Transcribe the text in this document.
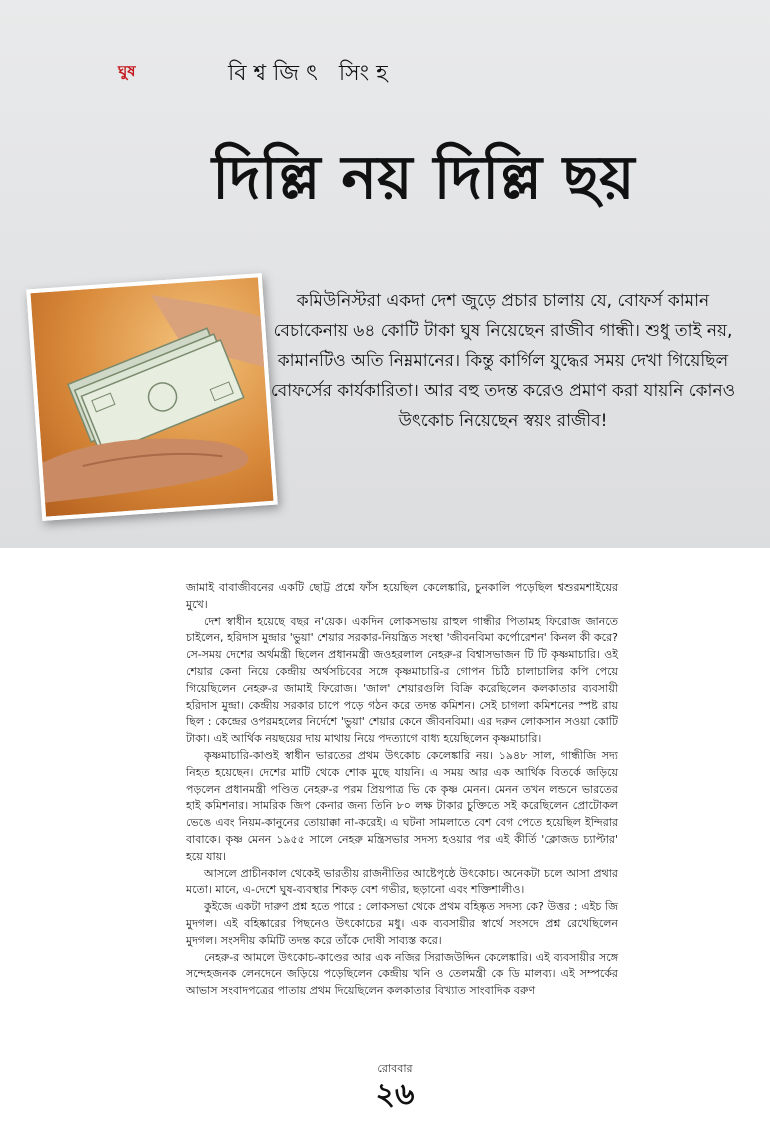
ঘুষ	বিশ্বজিৎ সিংহ
দিল্লি নয় দিল্লি ছয়
কমিউনিস্টরা একদা দেশ জুড়ে প্রচার চালায় যে, বোফর্স কামান বেচাকেনায় ৬৪ কোটি টাকা ঘুষ নিয়েছেন রাজীব গান্ধী। শুধু তাই নয়, কামানটিও অতি নিম্নমানের। কিন্তু কার্গিল যুদ্ধের সময় দেখা গিয়েছিল বোফর্সের কার্যকারিতা। আর বহু তদন্ত করেও প্রমাণ করা যায়নি কোনও উৎকোচ নিয়েছেন স্বয়ং রাজীব!

জামাই বাবাজীবনের একটি ছোট্ট প্রশ্নে ফাঁস হয়েছিল কেলেঙ্কারি, চুনকালি পড়েছিল শ্বশুরমশাইয়ের মুখে।

দেশ স্বাধীন হয়েছে বছর ন'য়েক। একদিন লোকসভায় রাহুল গান্ধীর পিতামহ ফিরোজ জানতে চাইলেন, হরিদাস মুন্দ্রার 'ভুয়া' শেয়ার সরকার-নিয়ন্ত্রিত সংস্থা 'জীবনবিমা কর্পোরেশন' কিনল কী করে? সে-সময় দেশের অর্থমন্ত্রী ছিলেন প্রধানমন্ত্রী জওহরলাল নেহরু-র বিশ্বাসভাজন টি টি কৃষ্ণমাচারি। ওই শেয়ার কেনা নিয়ে কেন্দ্রীয় অর্থসচিবের সঙ্গে কৃষ্ণমাচারি-র গোপন চিঠি চালাচালির কপি পেয়ে গিয়েছিলেন নেহরু-র জামাই ফিরোজ। 'জাল' শেয়ারগুলি বিক্রি করেছিলেন কলকাতার ব্যবসায়ী হরিদাস মুন্দ্রা। কেন্দ্রীয় সরকার চাপে পড়ে গঠন করে তদন্ত কমিশন। সেই চাগলা কমিশনের স্পষ্ট রায় ছিল : কেন্দ্রের ওপরমহলের নির্দেশে 'ভুয়া' শেয়ার কেনে জীবনবিমা। এর দরুন লোকসান সওয়া কোটি টাকা। এই আর্থিক নয়ছয়ের দায় মাথায় নিয়ে পদত্যাগে বাধ্য হয়েছিলেন কৃষ্ণমাচারি।

কৃষ্ণমাচারি-কাণ্ডই স্বাধীন ভারতের প্রথম উৎকোচ কেলেঙ্কারি নয়। ১৯৪৮ সাল, গান্ধীজি সদ্য নিহত হয়েছেন। দেশের মাটি থেকে শোক মুছে যায়নি। এ সময় আর এক আর্থিক বিতর্কে জড়িয়ে পড়লেন প্রধানমন্ত্রী পণ্ডিত নেহরু-র পরম প্রিয়পাত্র ভি কে কৃষ্ণ মেনন। মেনন তখন লন্ডনে ভারতের হাই কমিশনার। সামরিক জিপ কেনার জন্য তিনি ৮০ লক্ষ টাকার চুক্তিতে সই করেছিলেন প্রোটোকল ভেঙে এবং নিয়ম-কানুনের তোয়াক্কা না-করেই। এ ঘটনা সামলাতে বেশ বেগ পেতে হয়েছিল ইন্দিরার বাবাকে। কৃষ্ণ মেনন ১৯৫৫ সালে নেহরু মন্ত্রিসভার সদস্য হওয়ার পর এই কীর্তি 'ক্লোজড চ্যাপ্টার' হয়ে যায়।

আসলে প্রাচীনকাল থেকেই ভারতীয় রাজনীতির আষ্টেপৃষ্ঠে উৎকোচ। অনেকটা চলে আসা প্রথার মতো। মানে, এ-দেশে ঘুষ-ব্যবস্থার শিকড় বেশ গভীর, ছড়ানো এবং শক্তিশালীও।

কুইজে একটা দারুণ প্রশ্ন হতে পারে : লোকসভা থেকে প্রথম বহিষ্কৃত সদস্য কে? উত্তর : এইচ জি মুদগল। এই বহিষ্কারের পিছনেও উৎকোচের মধু। এক ব্যবসায়ীর স্বার্থে সংসদে প্রশ্ন রেখেছিলেন মুদগল। সংসদীয় কমিটি তদন্ত করে তাঁকে দোষী সাব্যস্ত করে।

নেহরু-র আমলে উৎকোচ-কাণ্ডের আর এক নজির সিরাজউদ্দিন কেলেঙ্কারি। এই ব্যবসায়ীর সঙ্গে সন্দেহজনক লেনদেনে জড়িয়ে পড়েছিলেন কেন্দ্রীয় খনি ও তেলমন্ত্রী কে ডি মালব্য। এই সম্পর্কের আভাস সংবাদপত্রের পাতায় প্রথম দিয়েছিলেন কলকাতার বিখ্যাত সাংবাদিক বরুণ

রোববার
২৬
